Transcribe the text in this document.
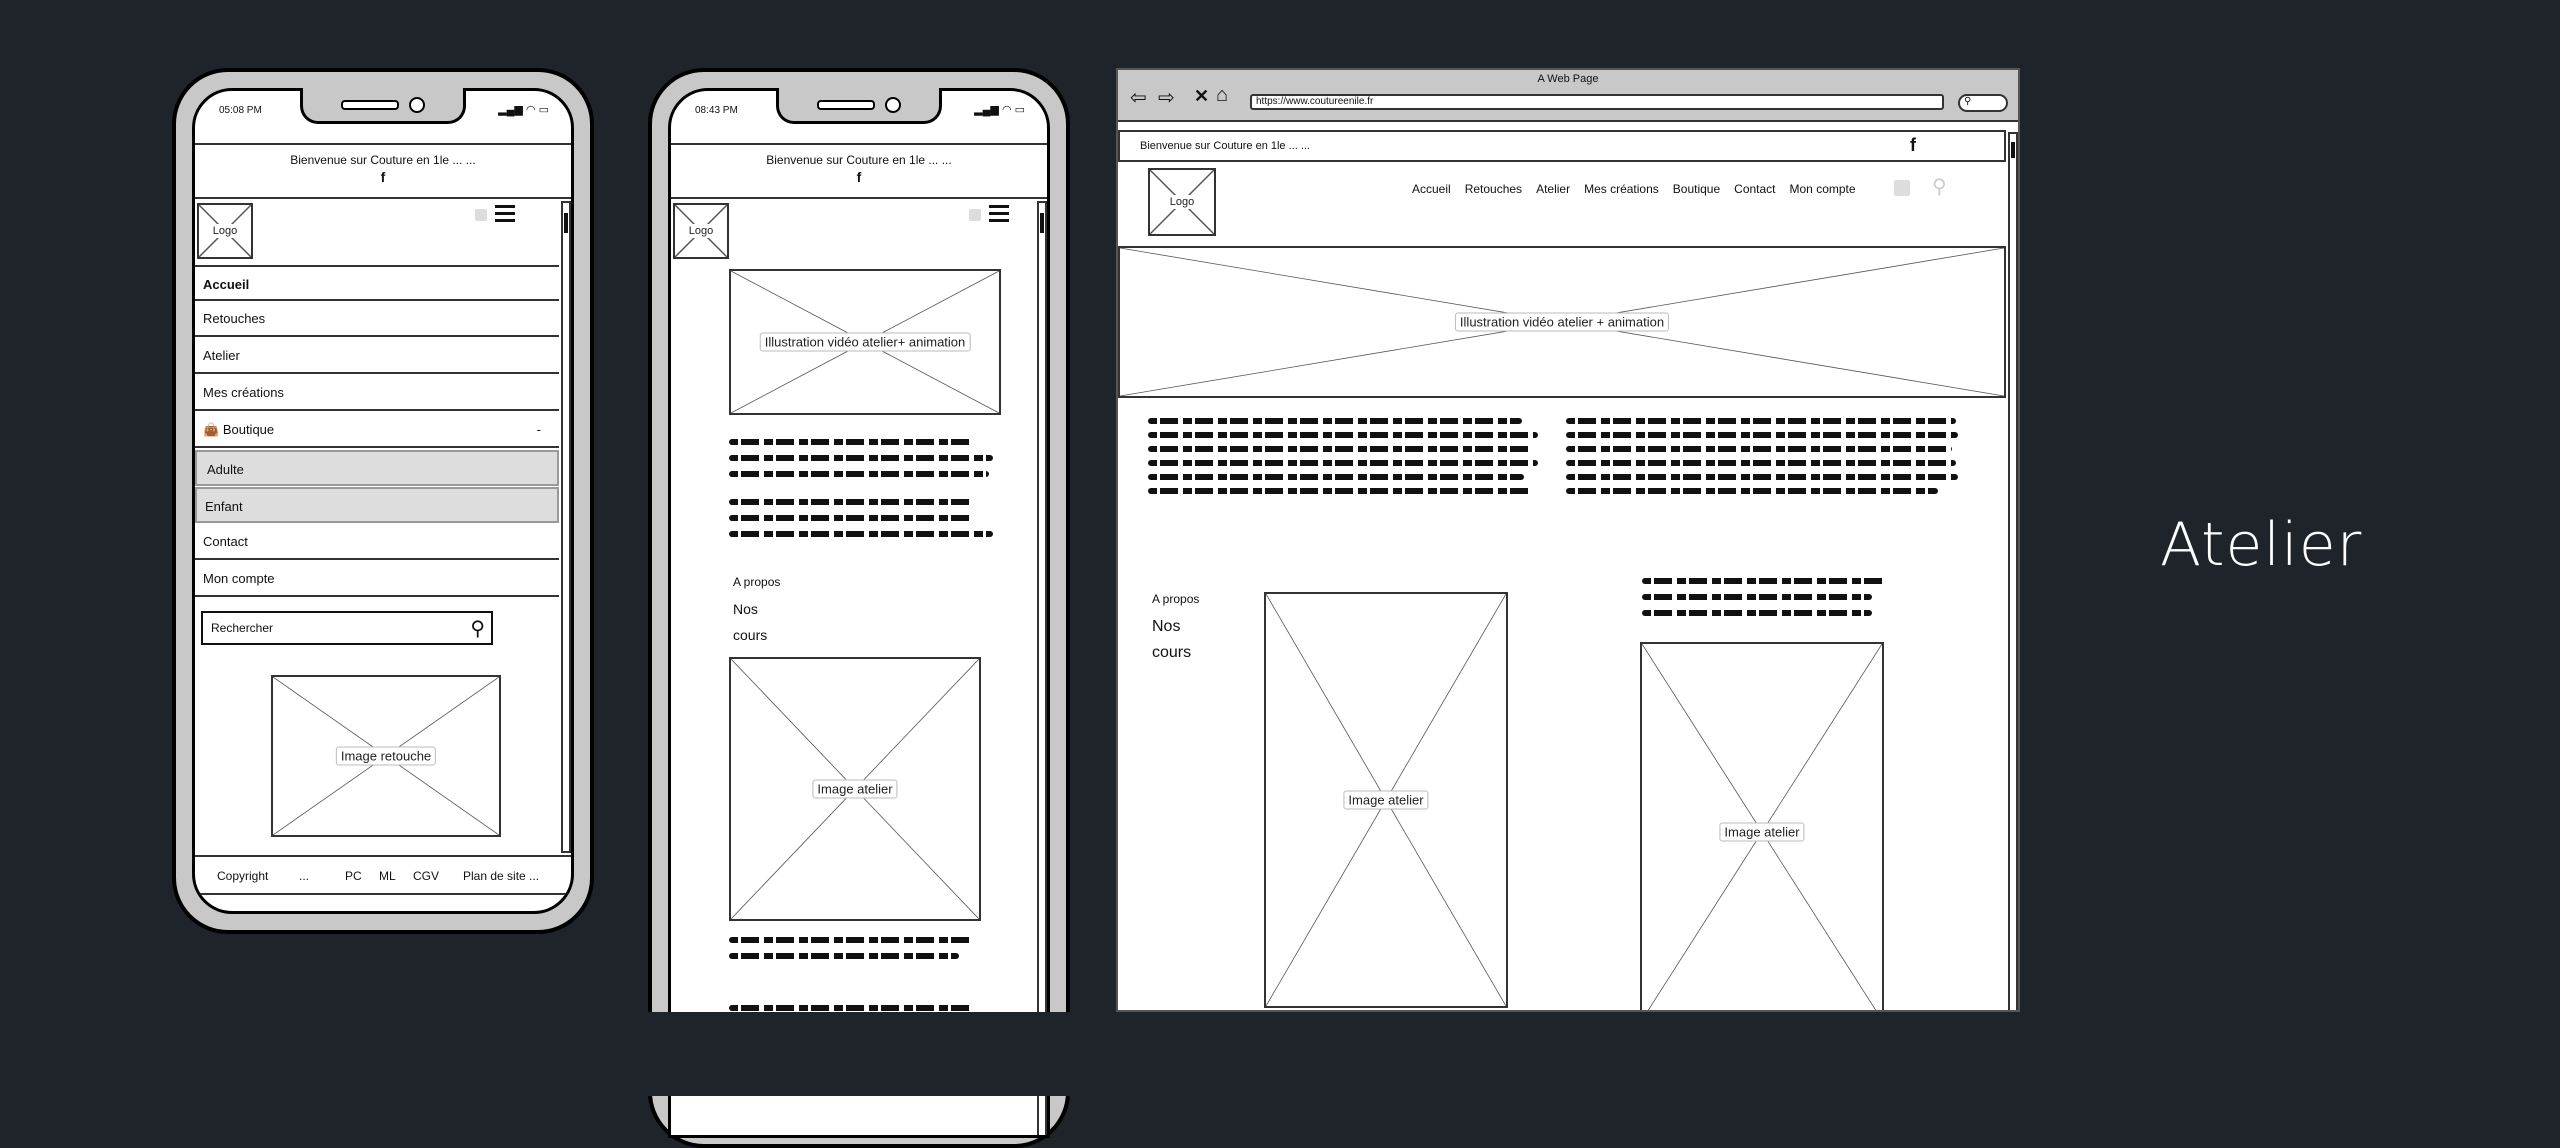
05:08 PM	▂▄▆ ◠ ▭
Bienvenue sur Couture en 1le ... ...
f
Logo
Accueil
Retouches
Atelier
Mes créations
👜 Boutique	-
Adulte
Enfant
Contact
Mon compte
Rechercher	⚲
Image retouche
Copyright	...	PC ML CGV Plan de site ...
08:43 PM	▂▄▆ ◠ ▭
Bienvenue sur Couture en 1le ... ...
f
Logo
Illustration vidéo atelier+ animation
A propos
Nos
cours
Image atelier
A Web Page
⇦ ⇨ ✕ ⌂	https://www.coutureenile.fr	⚲
Bienvenue sur Couture en 1le ... ...	f
Logo
Accueil Retouches Atelier Mes créations Boutique Contact Mon compte	⚲
Illustration vidéo atelier + animation
A propos
Nos
cours
Image atelier
Image atelier
Atelier
